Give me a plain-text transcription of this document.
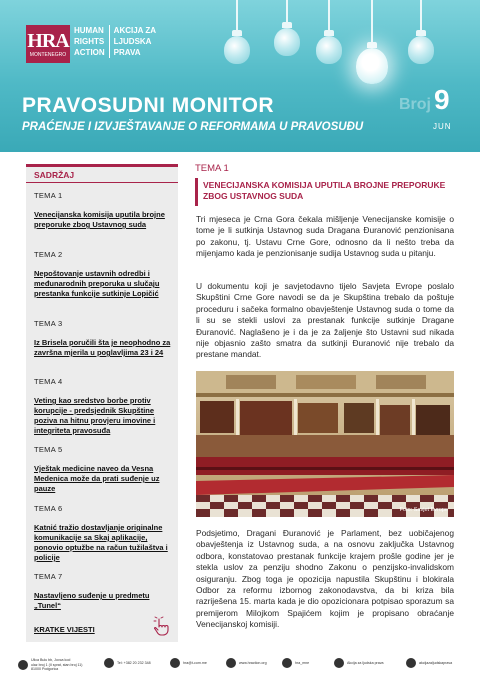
HRA
MONTENEGRO
HUMAN
RIGHTS
ACTION
AKCIJA ZA
LJUDSKA
PRAVA
PRAVOSUDNI MONITOR
PRAĆENJE I IZVJEŠTAVANJE O REFORMAMA U PRAVOSUĐU
Broj 9
JUN
SADRŽAJ
TEMA 1
Venecijanska komisija uputila brojne preporuke zbog Ustavnog suda
TEMA 2
Nepoštovanje ustavnih odredbi i međunarodnih preporuka u slučaju prestanka funkcije sutkinje Lopičić
TEMA 3
Iz Brisela poručili šta je neophodno za završna mjerila u poglavljima 23 i 24
TEMA 4
Veting kao sredstvo borbe protiv korupcije - predsjednik Skupštine poziva na hitnu provjeru imovine i integriteta pravosuđa
TEMA 5
Vještak medicine naveo da Vesna Medenica može da prati suđenje uz pauze
TEMA 6
Katnić tražio dostavljanje originalne komunikacije sa Skaj aplikacije, ponovio optužbe na račun tužilaštva i policije
TEMA 7
Nastavljeno suđenje u predmetu „Tunel“
KRATKE VIJESTI
TEMA 1
VENECIJANSKA KOMISIJA UPUTILA BROJNE PREPORUKE ZBOG USTAVNOG SUDA

Tri mjeseca je Crna Gora čekala mišljenje Venecijanske komisije o tome je li sutkinja Ustavnog suda Dragana Đuranović penzionisana po zakonu, tj. Ustavu Crne Gore, odnosno da li nešto treba da mijenjamo kada je penzionisanje sudija Ustavnog suda u pitanju.

U dokumentu koji je savjetodavno tijelo Savjeta Evrope poslalo Skupštini Crne Gore navodi se da je Skupština trebalo da poštuje proceduru i sačeka formalno obavještenje Ustavnog suda o tome da li su se stekli uslovi za prestanak funkcije sutkinje Dragane Đuranović. Naglašeno je i da je za žaljenje što Ustavni sud nikada nije objasnio zašto smatra da sutkinji Đuranović nije trebalo da prestane mandat.

Foto: Savjet Evrope

Podsjetimo, Dragani Đuranović je Parlament, bez uobičajenog obavještenja iz Ustavnog suda, a na osnovu zaključka Ustavnog odbora, konstatovao prestanak funkcije krajem prošle godine jer je stekla uslov za penziju shodno Zakonu o penzijsko-invalidskom osiguranju. Zbog toga je opozicija napustila Skupštinu i blokirala Odbor za reformu izbornog zakonodavstva, da bi kriza bila razriješena 15. marta kada je dio opozicionara potpisao sporazum sa premijerom Milojkom Spajićem kojim je propisano obraćanje Venecijanskoj komisiji.

Ulica Bulu bb, Jovca kod
ulaz broj 1 (II sprat, stan broj 11)
81000 Podgorica
Tel: +382 20 232 348	hra@t-com.me	www.hraction.org	hra_mne	Akcija za ljudska prava	akcijazaljudskaprava
